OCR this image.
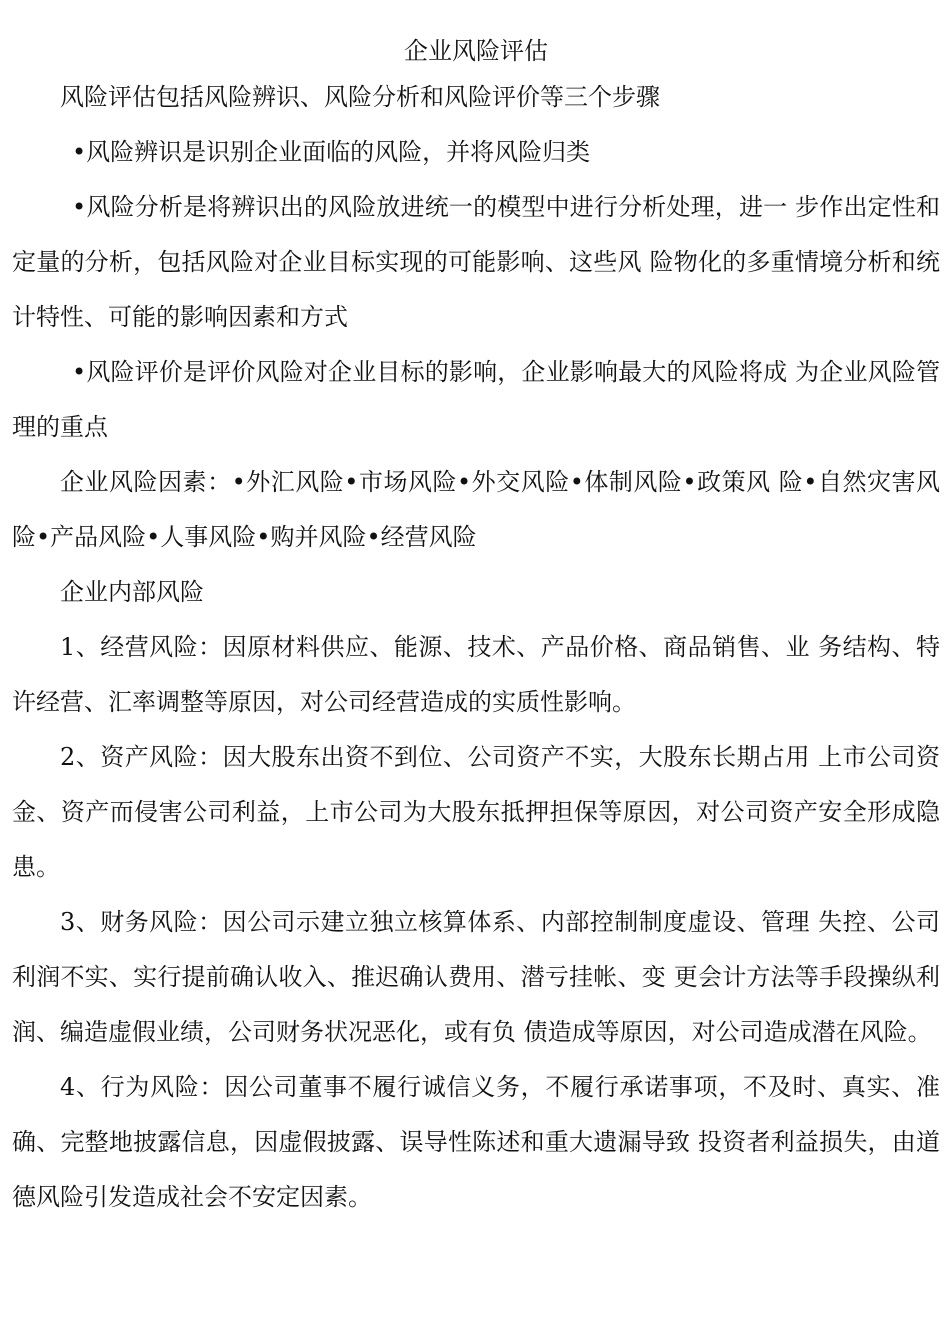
企业风险评估

风险评估包括风险辨识、风险分析和风险评价等三个步骤

•风险辨识是识别企业面临的风险，并将风险归类

•风险分析是将辨识出的风险放进统一的模型中进行分析处理，进一 步作出定性和定量的分析，包括风险对企业目标实现的可能影响、这些风 险物化的多重情境分析和统计特性、可能的影响因素和方式

•风险评价是评价风险对企业目标的影响，企业影响最大的风险将成 为企业风险管理的重点

企业风险因素：•外汇风险•市场风险•外交风险•体制风险•政策风 险•自然灾害风险•产品风险•人事风险•购并风险•经营风险

企业内部风险

1、经营风险：因原材料供应、能源、技术、产品价格、商品销售、业 务结构、特许经营、汇率调整等原因，对公司经营造成的实质性影响。

2、资产风险：因大股东出资不到位、公司资产不实，大股东长期占用 上市公司资金、资产而侵害公司利益，上市公司为大股东抵押担保等原因，对公司资产安全形成隐患。

3、财务风险：因公司示建立独立核算体系、内部控制制度虚设、管理 失控、公司利润不实、实行提前确认收入、推迟确认费用、潜亏挂帐、变 更会计方法等手段操纵利润、编造虚假业绩，公司财务状况恶化，或有负 债造成等原因，对公司造成潜在风险。

4、行为风险：因公司董事不履行诚信义务，不履行承诺事项，不及时、真实、准确、完整地披露信息，因虚假披露、误导性陈述和重大遗漏导致 投资者利益损失，由道德风险引发造成社会不安定因素。
